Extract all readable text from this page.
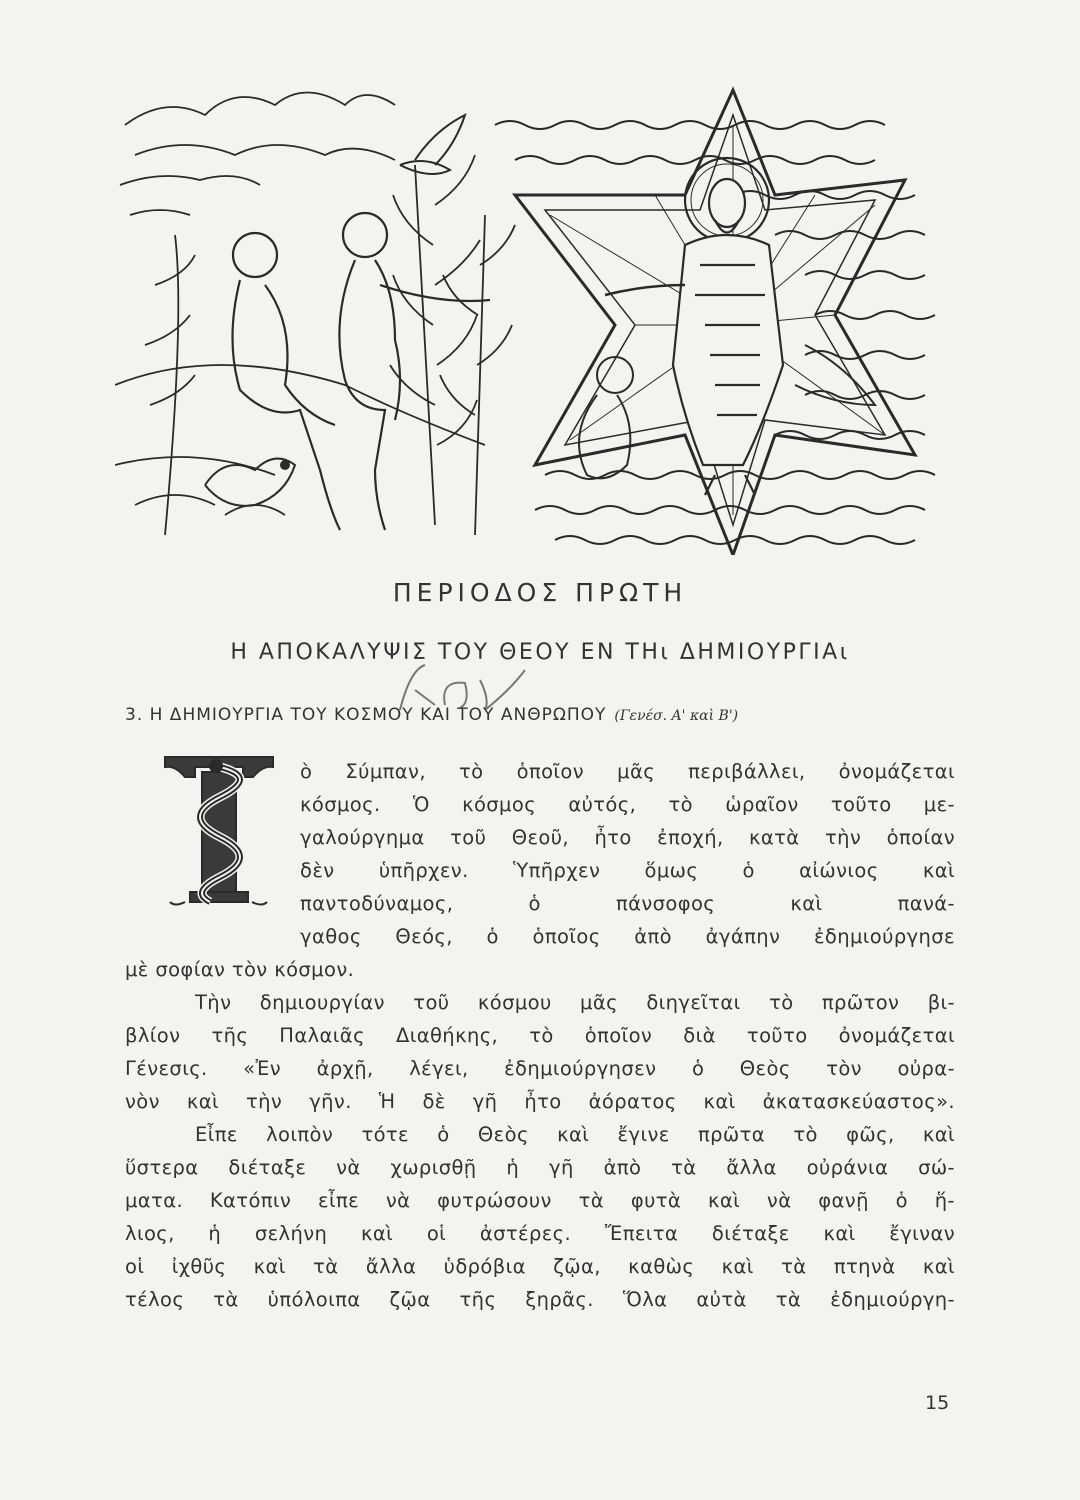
ΠΕΡΙΟΔΟΣ ΠΡΩΤΗ
Η ΑΠΟΚΑΛΥΨΙΣ ΤΟΥ ΘΕΟΥ ΕΝ ΤΗι ΔΗΜΙΟΥΡΓΙΑι
3. Η ΔΗΜΙΟΥΡΓΙΑ ΤΟΥ ΚΟΣΜΟΥ ΚΑΙ ΤΟΥ ΑΝΘΡΩΠΟΥ (Γενέσ. Α' καὶ Β')
ὸ Σύμπαν, τὸ ὁποῖον μᾶς περιβάλλει, ὀνομάζεται
κόσμος. Ὁ κόσμος αὐτός, τὸ ὡραῖον τοῦτο με-
γαλούργημα τοῦ Θεοῦ, ἦτο ἐποχή, κατὰ τὴν ὁποίαν
δὲν ὑπῆρχεν. Ὑπῆρχεν ὅμως ὁ αἰώνιος καὶ
παντοδύναμος, ὁ πάνσοφος καὶ πανά-
γαθος Θεός, ὁ ὁποῖος ἀπὸ ἀγάπην ἐδημιούργησε
μὲ σοφίαν τὸν κόσμον.
Τὴν δημιουργίαν τοῦ κόσμου μᾶς διηγεῖται τὸ πρῶτον βι-
βλίον τῆς Παλαιᾶς Διαθήκης, τὸ ὁποῖον διὰ τοῦτο ὀνομάζεται
Γένεσις. «Ἐν ἀρχῇ, λέγει, ἐδημιούργησεν ὁ Θεὸς τὸν οὐρα-
νὸν καὶ τὴν γῆν. Ἡ δὲ γῆ ἦτο ἀόρατος καὶ ἀκατασκεύαστος».
Εἶπε λοιπὸν τότε ὁ Θεὸς καὶ ἔγινε πρῶτα τὸ φῶς, καὶ
ὕστερα διέταξε νὰ χωρισθῇ ἡ γῆ ἀπὸ τὰ ἄλλα οὐράνια σώ-
ματα. Κατόπιν εἶπε νὰ φυτρώσουν τὰ φυτὰ καὶ νὰ φανῇ ὁ ἥ-
λιος, ἡ σελήνη καὶ οἱ ἀστέρες. Ἔπειτα διέταξε καὶ ἔγιναν
οἱ ἰχθῦς καὶ τὰ ἄλλα ὑδρόβια ζῷα, καθὼς καὶ τὰ πτηνὰ καὶ
τέλος τὰ ὑπόλοιπα ζῷα τῆς ξηρᾶς. Ὅλα αὐτὰ τὰ ἐδημιούργη-
15
